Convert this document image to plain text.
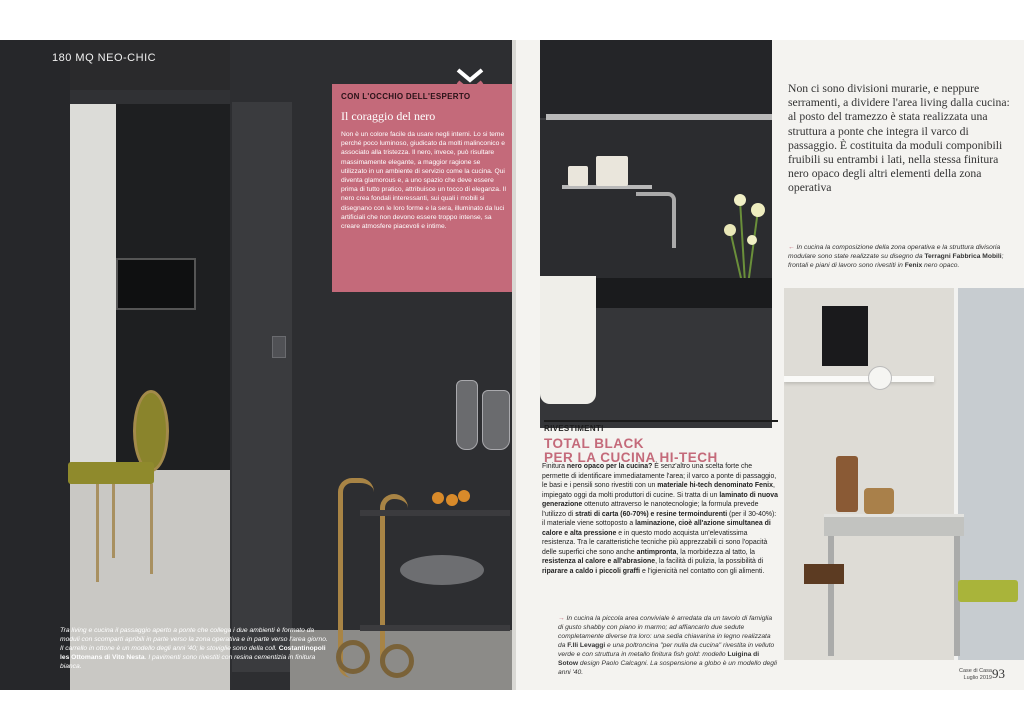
180 MQ NEO-CHIC
CON L'OCCHIO DELL'ESPERTO
Il coraggio del nero
Non è un colore facile da usare negli interni. Lo si teme perché poco luminoso, giudicato da molti malinconico e associato alla tristezza. Il nero, invece, può risultare massimamente elegante, a maggior ragione se utilizzato in un ambiente di servizio come la cucina. Qui diventa glamorous e, a uno spazio che deve essere prima di tutto pratico, attribuisce un tocco di eleganza. Il nero crea fondali interessanti, sui quali i mobili si disegnano con le loro forme e la sera, illuminato da luci artificiali che non devono essere troppo intense, sa creare atmosfere piacevoli e intime.
Tra living e cucina il passaggio aperto a ponte che collega i due ambienti è formato da moduli con scomparti apribili in parte verso la zona operativa e in parte verso l'area giorno. Il carrello in ottone è un modello degli anni '40; le stoviglie sono della coll. Costantinopoli les Ottomans di Vito Nesta. I pavimenti sono rivestiti con resina cementizia in finitura bianca.
Non ci sono divisioni murarie, e neppure serramenti, a dividere l'area living dalla cucina: al posto del tramezzo è stata realizzata una struttura a ponte che integra il varco di passaggio. È costituita da moduli componibili fruibili su entrambi i lati, nella stessa finitura nero opaco degli altri elementi della zona operativa
← In cucina la composizione della zona operativa e la struttura divisoria modulare sono state realizzate su disegno da Terragni Fabbrica Mobili; frontali e piani di lavoro sono rivestiti in Fenix nero opaco.
RIVESTIMENTI
TOTAL BLACK
PER LA CUCINA HI-TECH
Finitura nero opaco per la cucina? È senz'altro una scelta forte che permette di identificare immediatamente l'area; il varco a ponte di passaggio, le basi e i pensili sono rivestiti con un materiale hi-tech denominato Fenix, impiegato oggi da molti produttori di cucine. Si tratta di un laminato di nuova generazione ottenuto attraverso le nanotecnologie; la formula prevede l'utilizzo di strati di carta (60-70%) e resine termoindurenti (per il 30-40%): il materiale viene sottoposto a laminazione, cioè all'azione simultanea di calore e alta pressione e in questo modo acquista un'elevatissima resistenza. Tra le caratteristiche tecniche più apprezzabili ci sono l'opacità delle superfici che sono anche antimpronta, la morbidezza al tatto, la resistenza al calore e all'abrasione, la facilità di pulizia, la possibilità di riparare a caldo i piccoli graffi e l'igienicità nel contatto con gli alimenti.
→ In cucina la piccola area conviviale è arredata da un tavolo di famiglia di gusto shabby con piano in marmo; ad affiancarlo due sedute completamente diverse tra loro: una sedia chiavarina in legno realizzata da F.lli Levaggi e una poltroncina "per nulla da cucina" rivestita in velluto verde e con struttura in metallo finitura fish gold: modello Luigina di Sotow design Paolo Calcagni. La sospensione a globo è un modello degli anni '40.	Case di Casa
Luglio 2019 93
